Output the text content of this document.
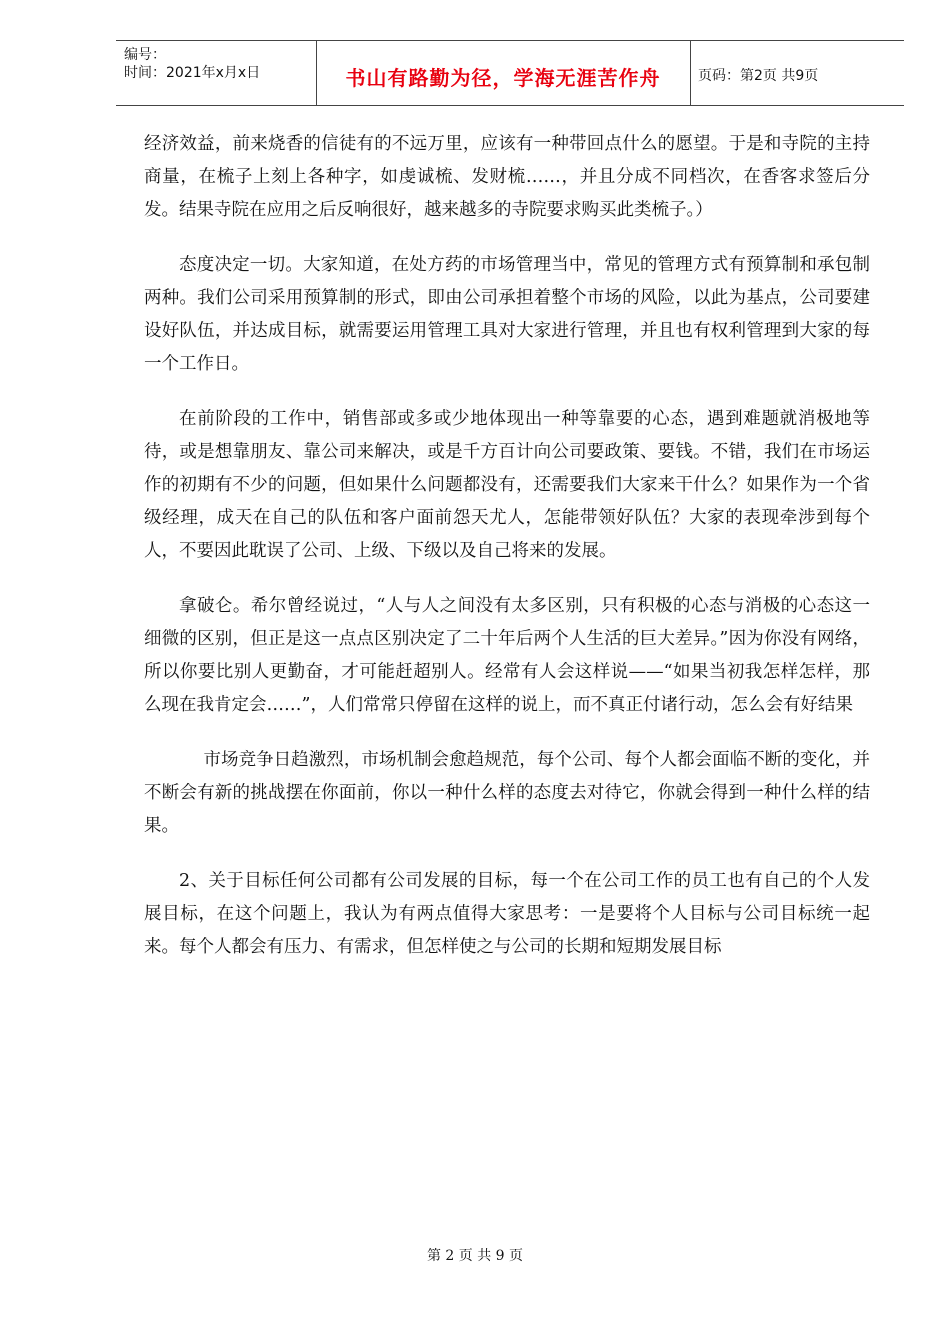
编号：
时间：2021年x月x日	书山有路勤为径，学海无涯苦作舟	页码：第2页 共9页

经济效益，前来烧香的信徒有的不远万里，应该有一种带回点什么的愿望。于是和寺院的主持商量，在梳子上刻上各种字，如虔诚梳、发财梳……，并且分成不同档次，在香客求签后分发。结果寺院在应用之后反响很好，越来越多的寺院要求购买此类梳子。）

态度决定一切。大家知道，在处方药的市场管理当中，常见的管理方式有预算制和承包制两种。我们公司采用预算制的形式，即由公司承担着整个市场的风险，以此为基点，公司要建设好队伍，并达成目标，就需要运用管理工具对大家进行管理，并且也有权利管理到大家的每一个工作日。

在前阶段的工作中，销售部或多或少地体现出一种等靠要的心态，遇到难题就消极地等待，或是想靠朋友、靠公司来解决，或是千方百计向公司要政策、要钱。不错，我们在市场运作的初期有不少的问题，但如果什么问题都没有，还需要我们大家来干什么？如果作为一个省级经理，成天在自己的队伍和客户面前怨天尤人，怎能带领好队伍？大家的表现牵涉到每个人，不要因此耽误了公司、上级、下级以及自己将来的发展。

拿破仑。希尔曾经说过，“人与人之间没有太多区别，只有积极的心态与消极的心态这一细微的区别，但正是这一点点区别决定了二十年后两个人生活的巨大差异。”因为你没有网络，所以你要比别人更勤奋，才可能赶超别人。经常有人会这样说——“如果当初我怎样怎样，那么现在我肯定会……”，人们常常只停留在这样的说上，而不真正付诸行动，怎么会有好结果

市场竞争日趋激烈，市场机制会愈趋规范，每个公司、每个人都会面临不断的变化，并不断会有新的挑战摆在你面前，你以一种什么样的态度去对待它，你就会得到一种什么样的结果。

2、关于目标任何公司都有公司发展的目标，每一个在公司工作的员工也有自己的个人发展目标，在这个问题上，我认为有两点值得大家思考：一是要将个人目标与公司目标统一起来。每个人都会有压力、有需求，但怎样使之与公司的长期和短期发展目标

第 2 页 共 9 页
